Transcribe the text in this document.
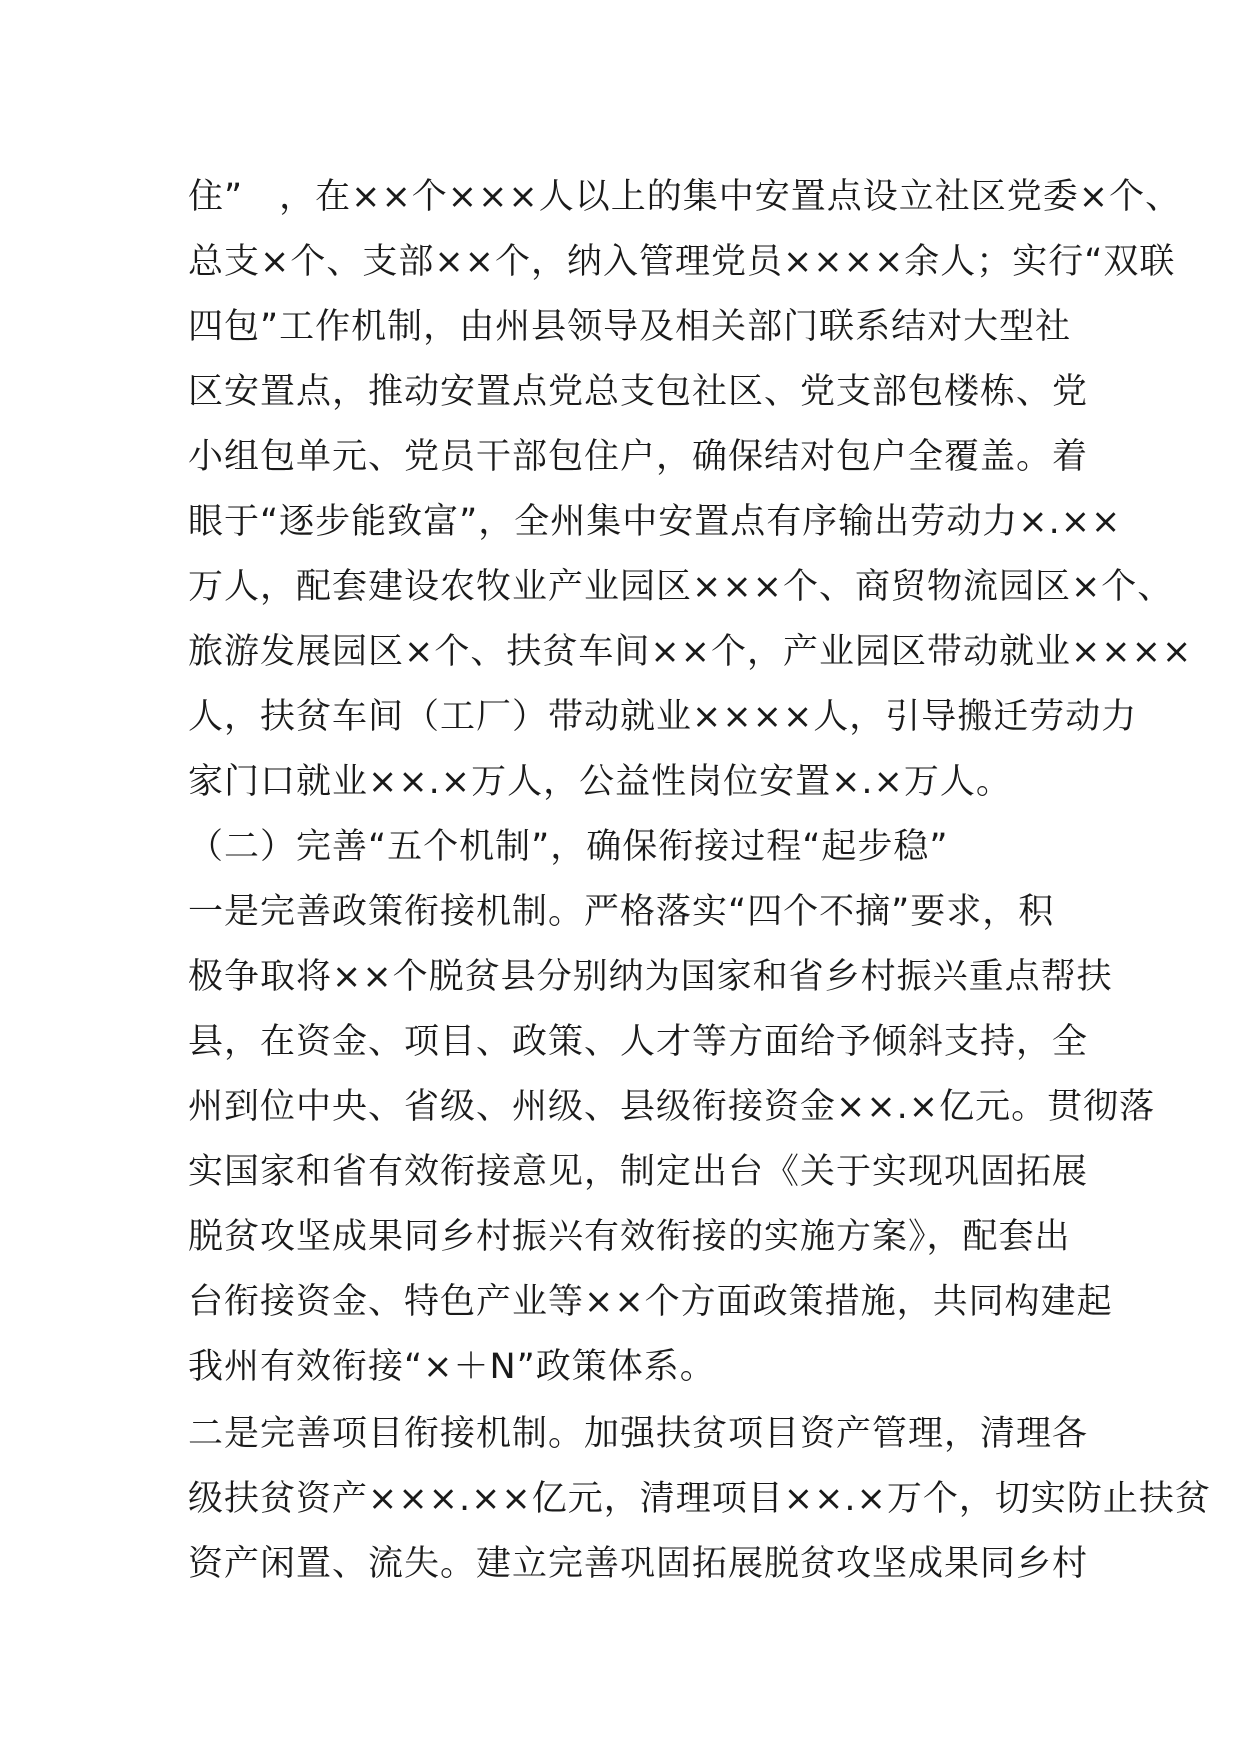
住”　，在××个×××人以上的集中安置点设立社区党委×个、

总支×个、支部××个，纳入管理党员××××余人；实行“双联

四包”工作机制，由州县领导及相关部门联系结对大型社

区安置点，推动安置点党总支包社区、党支部包楼栋、党

小组包单元、党员干部包住户，确保结对包户全覆盖。着

眼于“逐步能致富”，全州集中安置点有序输出劳动力×.××

万人，配套建设农牧业产业园区×××个、商贸物流园区×个、

旅游发展园区×个、扶贫车间××个，产业园区带动就业××××

人，扶贫车间（工厂）带动就业××××人，引导搬迁劳动力

家门口就业××.×万人，公益性岗位安置×.×万人。

（二）完善“五个机制”，确保衔接过程“起步稳”

一是完善政策衔接机制。严格落实“四个不摘”要求，积

极争取将××个脱贫县分别纳为国家和省乡村振兴重点帮扶

县，在资金、项目、政策、人才等方面给予倾斜支持，全

州到位中央、省级、州级、县级衔接资金××.×亿元。贯彻落

实国家和省有效衔接意见，制定出台《关于实现巩固拓展

脱贫攻坚成果同乡村振兴有效衔接的实施方案》，配套出

台衔接资金、特色产业等××个方面政策措施，共同构建起

我州有效衔接“×＋N”政策体系。

二是完善项目衔接机制。加强扶贫项目资产管理，清理各

级扶贫资产×××.××亿元，清理项目××.×万个，切实防止扶贫

资产闲置、流失。建立完善巩固拓展脱贫攻坚成果同乡村
